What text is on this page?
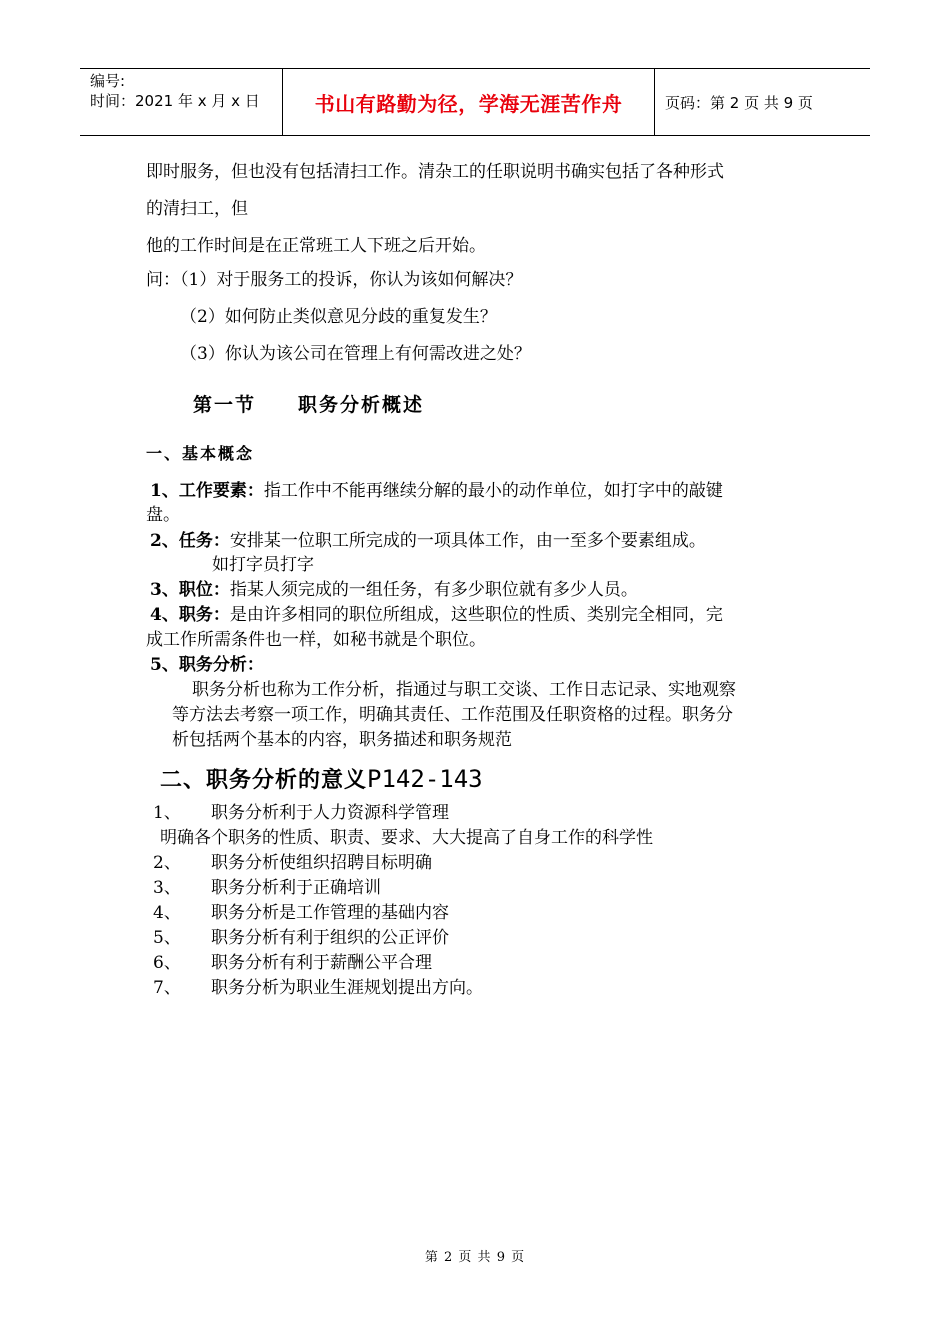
编号:
时间：2021 年 x 月 x 日	书山有路勤为径，学海无涯苦作舟	页码：第 2 页 共 9 页
即时服务，但也没有包括清扫工作。清杂工的任职说明书确实包括了各种形式
的清扫工，但
他的工作时间是在正常班工人下班之后开始。
问：（1）对于服务工的投诉，你认为该如何解决？
（2）如何防止类似意见分歧的重复发生？
（3）你认为该公司在管理上有何需改进之处？
第一节　　职务分析概述
一、基本概念
1、工作要素：指工作中不能再继续分解的最小的动作单位，如打字中的敲键
盘。
2、任务：安排某一位职工所完成的一项具体工作，由一至多个要素组成。
如打字员打字
3、职位：指某人须完成的一组任务，有多少职位就有多少人员。
4、职务：是由许多相同的职位所组成，这些职位的性质、类别完全相同，完
成工作所需条件也一样，如秘书就是个职位。
5、职务分析：
职务分析也称为工作分析，指通过与职工交谈、工作日志记录、实地观察
等方法去考察一项工作，明确其责任、工作范围及任职资格的过程。职务分
析包括两个基本的内容，职务描述和职务规范
二、职务分析的意义P142-143
1、 职务分析利于人力资源科学管理
明确各个职务的性质、职责、要求、大大提高了自身工作的科学性
2、 职务分析使组织招聘目标明确
3、 职务分析利于正确培训
4、 职务分析是工作管理的基础内容
5、 职务分析有利于组织的公正评价
6、 职务分析有利于薪酬公平合理
7、 职务分析为职业生涯规划提出方向。
第 2 页 共 9 页
